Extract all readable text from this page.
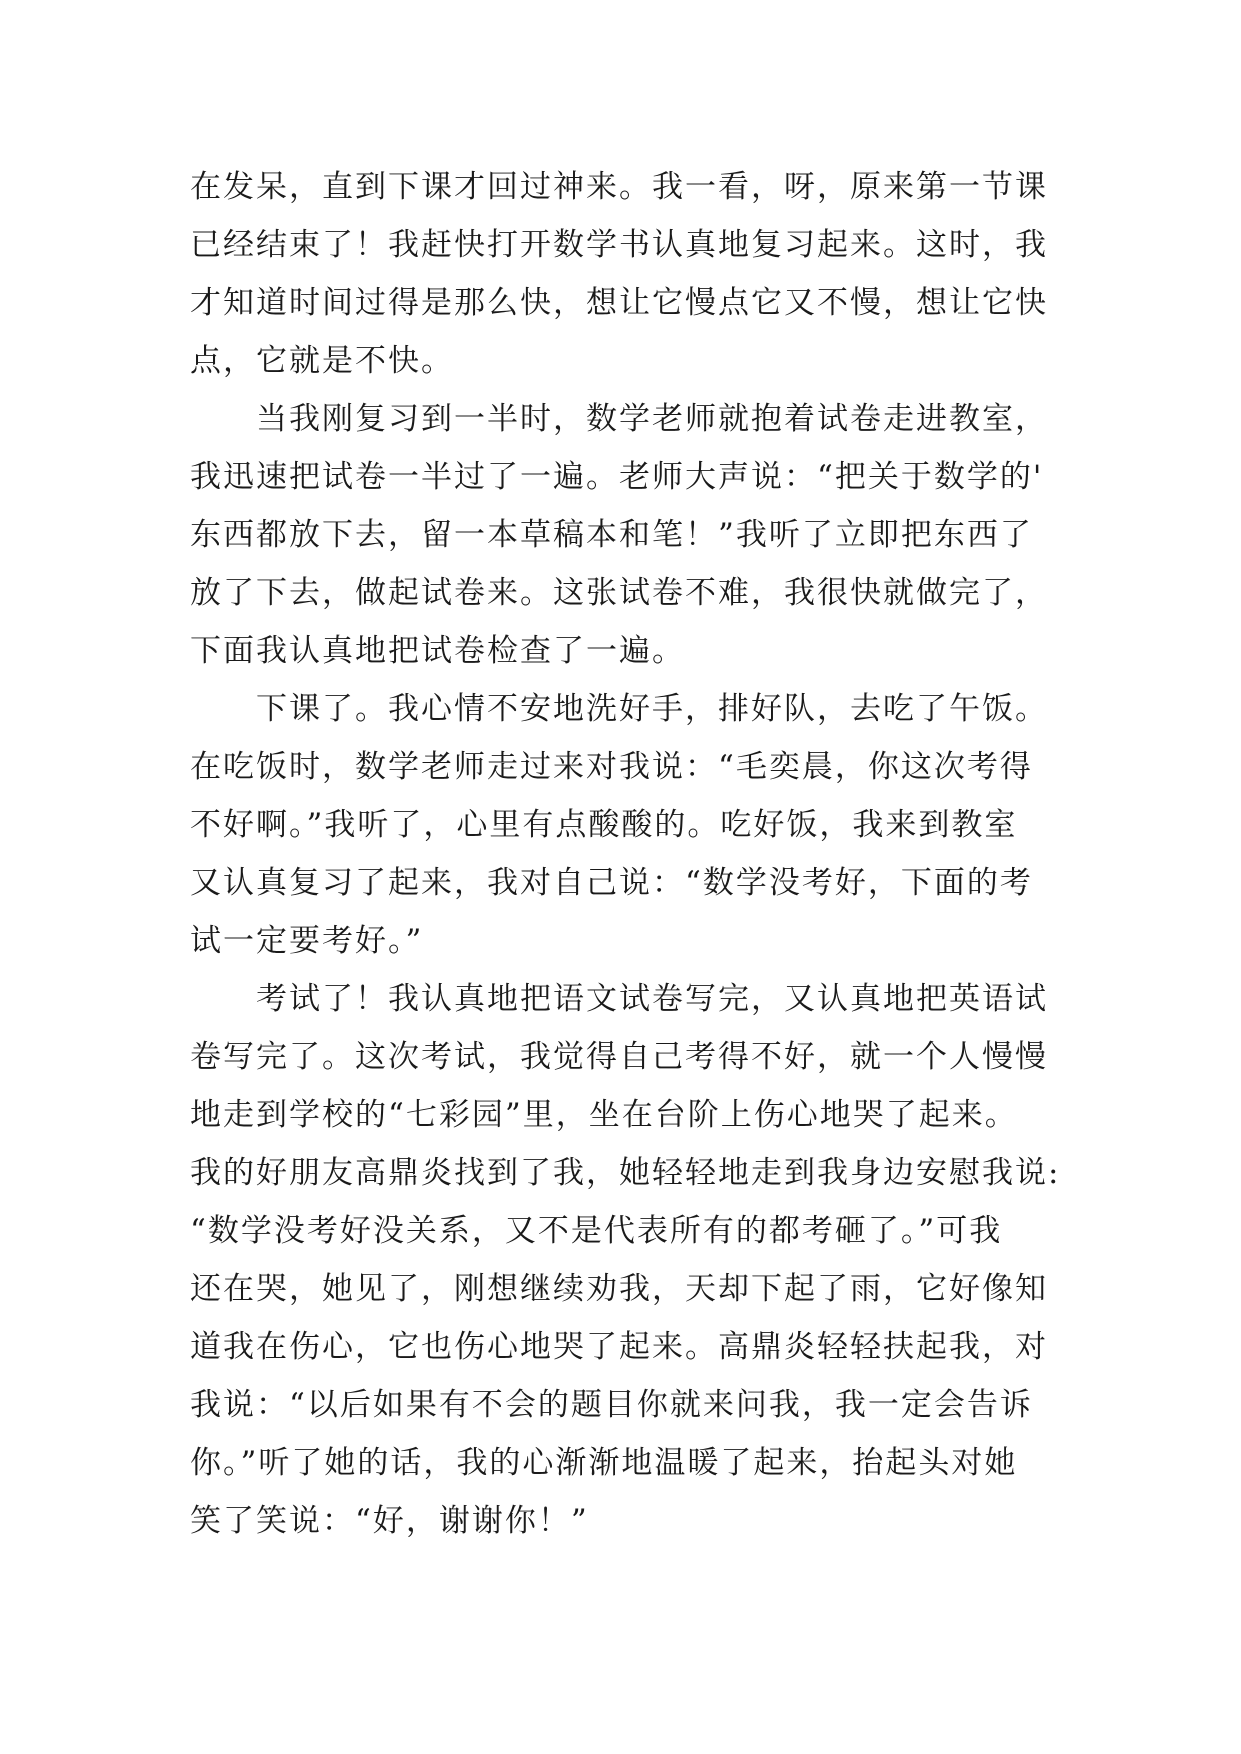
在发呆，直到下课才回过神来。我一看，呀，原来第一节课
已经结束了！我赶快打开数学书认真地复习起来。这时，我
才知道时间过得是那么快，想让它慢点它又不慢，想让它快
点，它就是不快。
　　当我刚复习到一半时，数学老师就抱着试卷走进教室，
我迅速把试卷一半过了一遍。老师大声说：“把关于数学的'
东西都放下去，留一本草稿本和笔！”我听了立即把东西了
放了下去，做起试卷来。这张试卷不难，我很快就做完了，
下面我认真地把试卷检查了一遍。
　　下课了。我心情不安地洗好手，排好队，去吃了午饭。
在吃饭时，数学老师走过来对我说：“毛奕晨，你这次考得
不好啊。”我听了，心里有点酸酸的。吃好饭，我来到教室
又认真复习了起来，我对自己说：“数学没考好，下面的考
试一定要考好。”
　　考试了！我认真地把语文试卷写完，又认真地把英语试
卷写完了。这次考试，我觉得自己考得不好，就一个人慢慢
地走到学校的“七彩园”里，坐在台阶上伤心地哭了起来。
我的好朋友高鼎炎找到了我，她轻轻地走到我身边安慰我说:
“数学没考好没关系，又不是代表所有的都考砸了。”可我
还在哭，她见了，刚想继续劝我，天却下起了雨，它好像知
道我在伤心，它也伤心地哭了起来。高鼎炎轻轻扶起我，对
我说：“以后如果有不会的题目你就来问我，我一定会告诉
你。”听了她的话，我的心渐渐地温暖了起来，抬起头对她
笑了笑说：“好，谢谢你！”
